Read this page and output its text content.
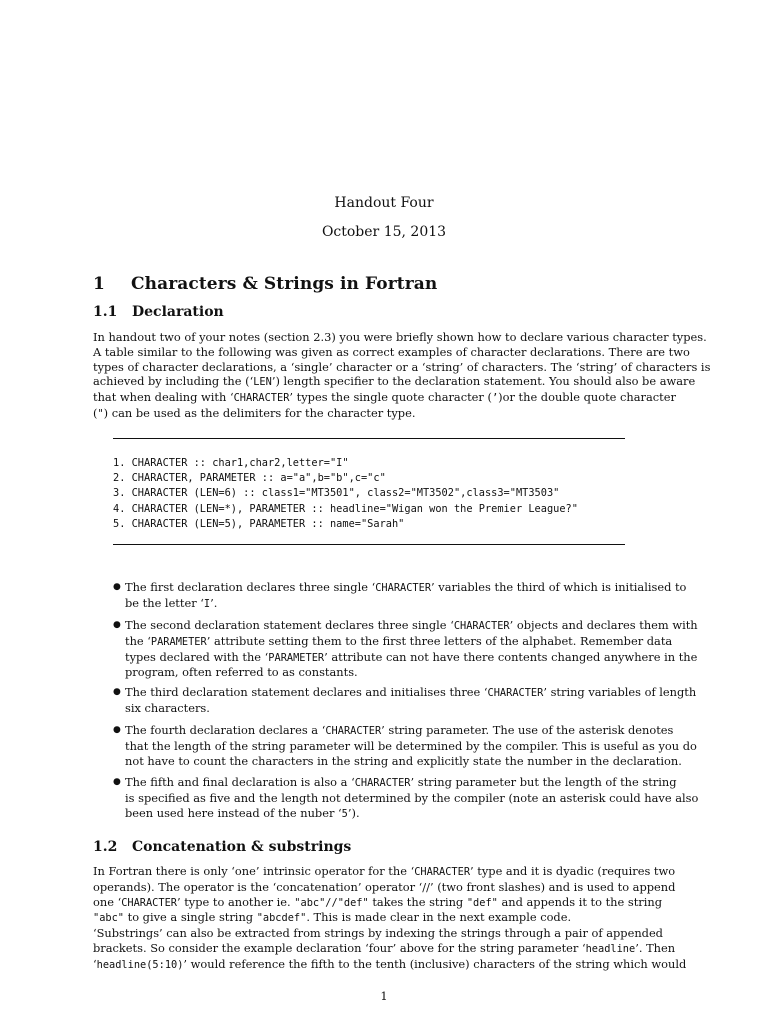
Handout Four
October 15, 2013
1 Characters & Strings in Fortran
1.1 Declaration
In handout two of your notes (section 2.3) you were briefly shown how to declare various character types.
A table similar to the following was given as correct examples of character declarations. There are two
types of character declarations, a ‘single’ character or a ‘string’ of characters. The ‘string’ of characters is
achieved by including the (‘LEN’) length specifier to the declaration statement. You should also be aware
that when dealing with ‘CHARACTER’ types the single quote character (’)or the double quote character
(") can be used as the delimiters for the character type.
1. CHARACTER :: char1,char2,letter="I"
2. CHARACTER, PARAMETER :: a="a",b="b",c="c"
3. CHARACTER (LEN=6) :: class1="MT3501", class2="MT3502",class3="MT3503"
4. CHARACTER (LEN=*), PARAMETER :: headline="Wigan won the Premier League?"
5. CHARACTER (LEN=5), PARAMETER :: name="Sarah"
● The first declaration declares three single ‘CHARACTER’ variables the third of which is initialised to
be the letter ‘I’.
● The second declaration statement declares three single ‘CHARACTER’ objects and declares them with
the ‘PARAMETER’ attribute setting them to the first three letters of the alphabet. Remember data
types declared with the ‘PARAMETER’ attribute can not have there contents changed anywhere in the
program, often referred to as constants.
● The third declaration statement declares and initialises three ‘CHARACTER’ string variables of length
six characters.
● The fourth declaration declares a ‘CHARACTER’ string parameter. The use of the asterisk denotes
that the length of the string parameter will be determined by the compiler. This is useful as you do
not have to count the characters in the string and explicitly state the number in the declaration.
● The fifth and final declaration is also a ‘CHARACTER’ string parameter but the length of the string
is specified as five and the length not determined by the compiler (note an asterisk could have also
been used here instead of the nuber ‘5’).
1.2 Concatenation & substrings
In Fortran there is only ‘one’ intrinsic operator for the ‘CHARACTER’ type and it is dyadic (requires two
operands). The operator is the ‘concatenation’ operator ‘//’ (two front slashes) and is used to append
one ‘CHARACTER’ type to another ie. "abc"//"def" takes the string "def" and appends it to the string
"abc" to give a single string "abcdef". This is made clear in the next example code.
‘Substrings’ can also be extracted from strings by indexing the strings through a pair of appended
brackets. So consider the example declaration ‘four’ above for the string parameter ‘headline’. Then
‘headline(5:10)’ would reference the fifth to the tenth (inclusive) characters of the string which would
1
